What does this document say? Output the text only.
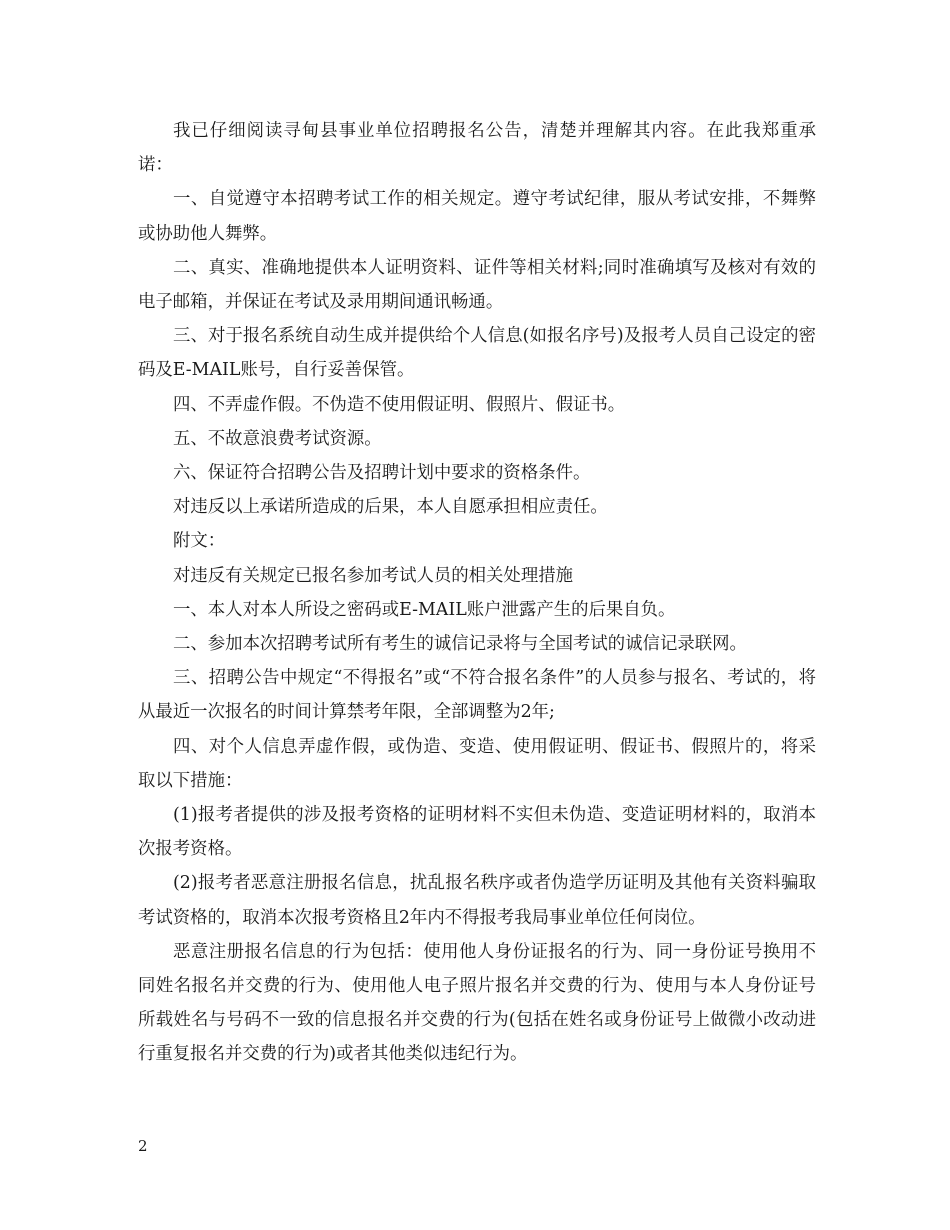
我已仔细阅读寻甸县事业单位招聘报名公告，清楚并理解其内容。在此我郑重承诺：

一、自觉遵守本招聘考试工作的相关规定。遵守考试纪律，服从考试安排，不舞弊或协助他人舞弊。

二、真实、准确地提供本人证明资料、证件等相关材料;同时准确填写及核对有效的电子邮箱，并保证在考试及录用期间通讯畅通。

三、对于报名系统自动生成并提供给个人信息(如报名序号)及报考人员自己设定的密码及E-MAIL账号，自行妥善保管。

四、不弄虚作假。不伪造不使用假证明、假照片、假证书。

五、不故意浪费考试资源。

六、保证符合招聘公告及招聘计划中要求的资格条件。

对违反以上承诺所造成的后果，本人自愿承担相应责任。

附文：

对违反有关规定已报名参加考试人员的相关处理措施

一、本人对本人所设之密码或E-MAIL账户泄露产生的后果自负。

二、参加本次招聘考试所有考生的诚信记录将与全国考试的诚信记录联网。

三、招聘公告中规定“不得报名”或“不符合报名条件”的人员参与报名、考试的，将从最近一次报名的时间计算禁考年限，全部调整为2年;

四、对个人信息弄虚作假，或伪造、变造、使用假证明、假证书、假照片的，将采取以下措施：

(1)报考者提供的涉及报考资格的证明材料不实但未伪造、变造证明材料的，取消本次报考资格。

(2)报考者恶意注册报名信息，扰乱报名秩序或者伪造学历证明及其他有关资料骗取考试资格的，取消本次报考资格且2年内不得报考我局事业单位任何岗位。

恶意注册报名信息的行为包括：使用他人身份证报名的行为、同一身份证号换用不同姓名报名并交费的行为、使用他人电子照片报名并交费的行为、使用与本人身份证号所载姓名与号码不一致的信息报名并交费的行为(包括在姓名或身份证号上做微小改动进行重复报名并交费的行为)或者其他类似违纪行为。

2
